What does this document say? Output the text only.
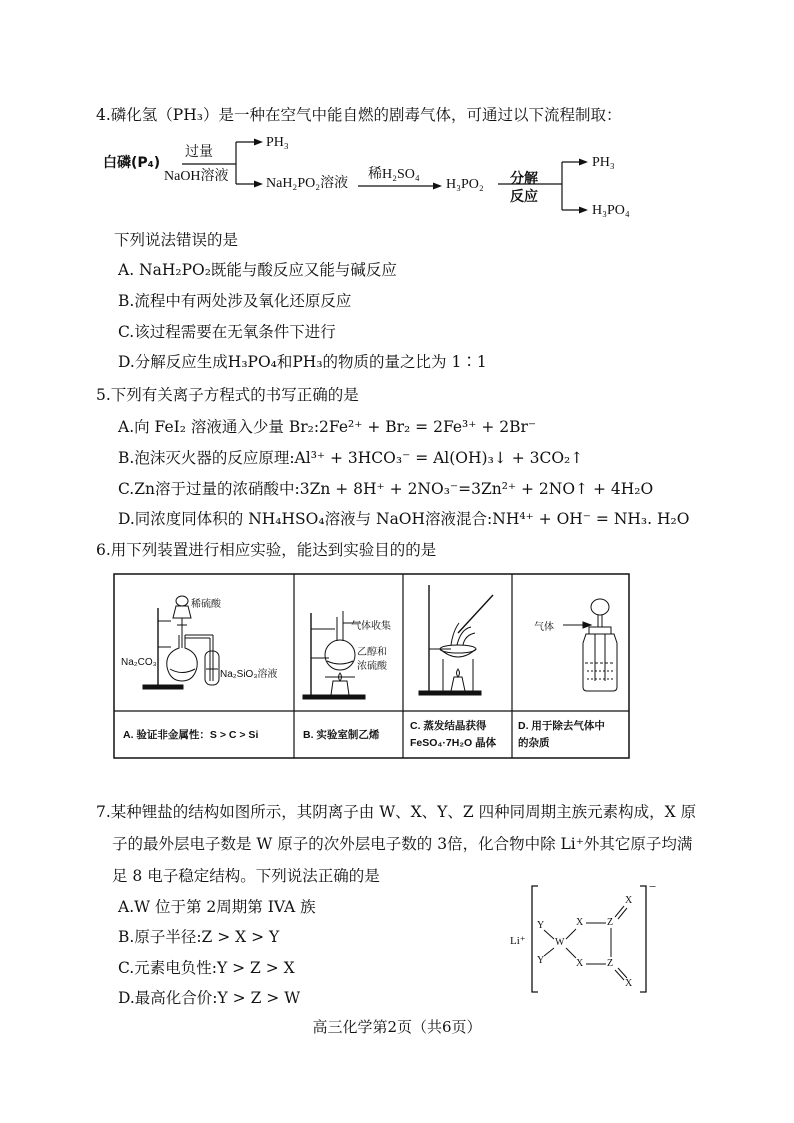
4.磷化氢（PH₃）是一种在空气中能自燃的剧毒气体，可通过以下流程制取：
白磷(P₄)
过量
NaOH溶液
PH₃
NaH₂PO₂溶液
稀H₂SO₄
H₃PO₂ 分解
反应
PH₃
H₃PO₄
下列说法错误的是
A. NaH₂PO₂既能与酸反应又能与碱反应
B.流程中有两处涉及氧化还原反应
C.该过程需要在无氧条件下进行
D.分解反应生成H₃PO₄和PH₃的物质的量之比为 1∶1
5.下列有关离子方程式的书写正确的是
A.向 FeI₂ 溶液通入少量 Br₂:2Fe²⁺ + Br₂ = 2Fe³⁺ + 2Br⁻
B.泡沫灭火器的反应原理:Al³⁺ + 3HCO₃⁻ = Al(OH)₃↓ + 3CO₂↑
C.Zn溶于过量的浓硝酸中:3Zn + 8H⁺ + 2NO₃⁻=3Zn²⁺ + 2NO↑ + 4H₂O
D.同浓度同体积的 NH₄HSO₄溶液与 NaOH溶液混合:NH⁴⁺ + OH⁻ = NH₃. H₂O
6.用下列装置进行相应实验，能达到实验目的的是
稀硫酸
Na₂CO₃
Na₂SiO₃溶液
气体收集
乙醇和
浓硫酸
气体
A. 验证非金属性：S > C > Si	B. 实验室制乙烯
C. 蒸发结晶获得
FeSO₄·7H₂O 晶体
D. 用于除去气体中
的杂质
7.某种锂盐的结构如图所示，其阴离子由 W、X、Y、Z 四种同周期主族元素构成，X 原
子的最外层电子数是 W 原子的次外层电子数的 3倍，化合物中除 Li⁺外其它原子均满
足 8 电子稳定结构。下列说法正确的是
A.W 位于第 2周期第 IVA 族
B.原子半径:Z > X > Y
C.元素电负性:Y > Z > X
D.最高化合价:Y > Z > W
Li⁺
−
Y
Y
W
X
X
Z
Z
X
X
高三化学第2页（共6页）
